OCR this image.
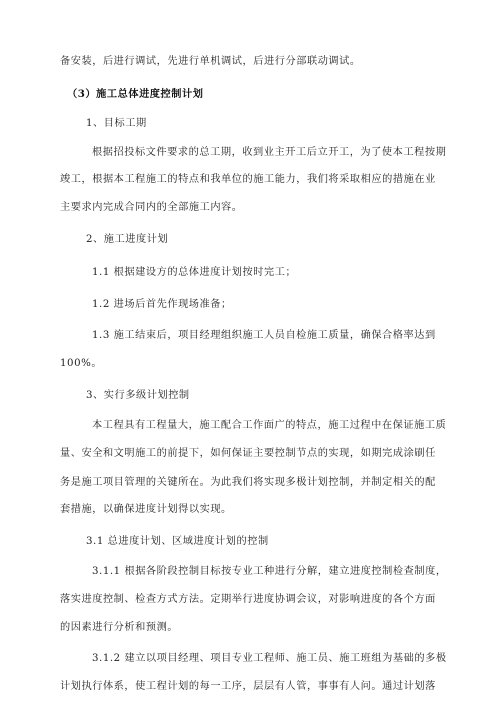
备安装，后进行调试，先进行单机调试，后进行分部联动调试。
（3）施工总体进度控制计划
1、目标工期
根据招投标文件要求的总工期，收到业主开工后立开工，为了使本工程按期
竣工，根据本工程施工的特点和我单位的施工能力，我们将采取相应的措施在业
主要求内完成合同内的全部施工内容。
2、施工进度计划
1.1 根据建设方的总体进度计划按时完工；
1.2 进场后首先作现场准备；
1.3 施工结束后，项目经理组织施工人员自检施工质量，确保合格率达到
100%。
3、实行多级计划控制
本工程具有工程量大，施工配合工作面广的特点，施工过程中在保证施工质
量、安全和文明施工的前提下，如何保证主要控制节点的实现，如期完成涂刷任
务是施工项目管理的关键所在。为此我们将实现多极计划控制，并制定相关的配
套措施，以确保进度计划得以实现。
3.1 总进度计划、区域进度计划的控制
3.1.1 根据各阶段控制目标按专业工种进行分解，建立进度控制检查制度，
落实进度控制、检查方式方法。定期举行进度协调会议，对影响进度的各个方面
的因素进行分析和预测。
3.1.2 建立以项目经理、项目专业工程师、施工员、施工班组为基础的多极
计划执行体系，使工程计划的每一工序，层层有人管，事事有人问。通过计划落
